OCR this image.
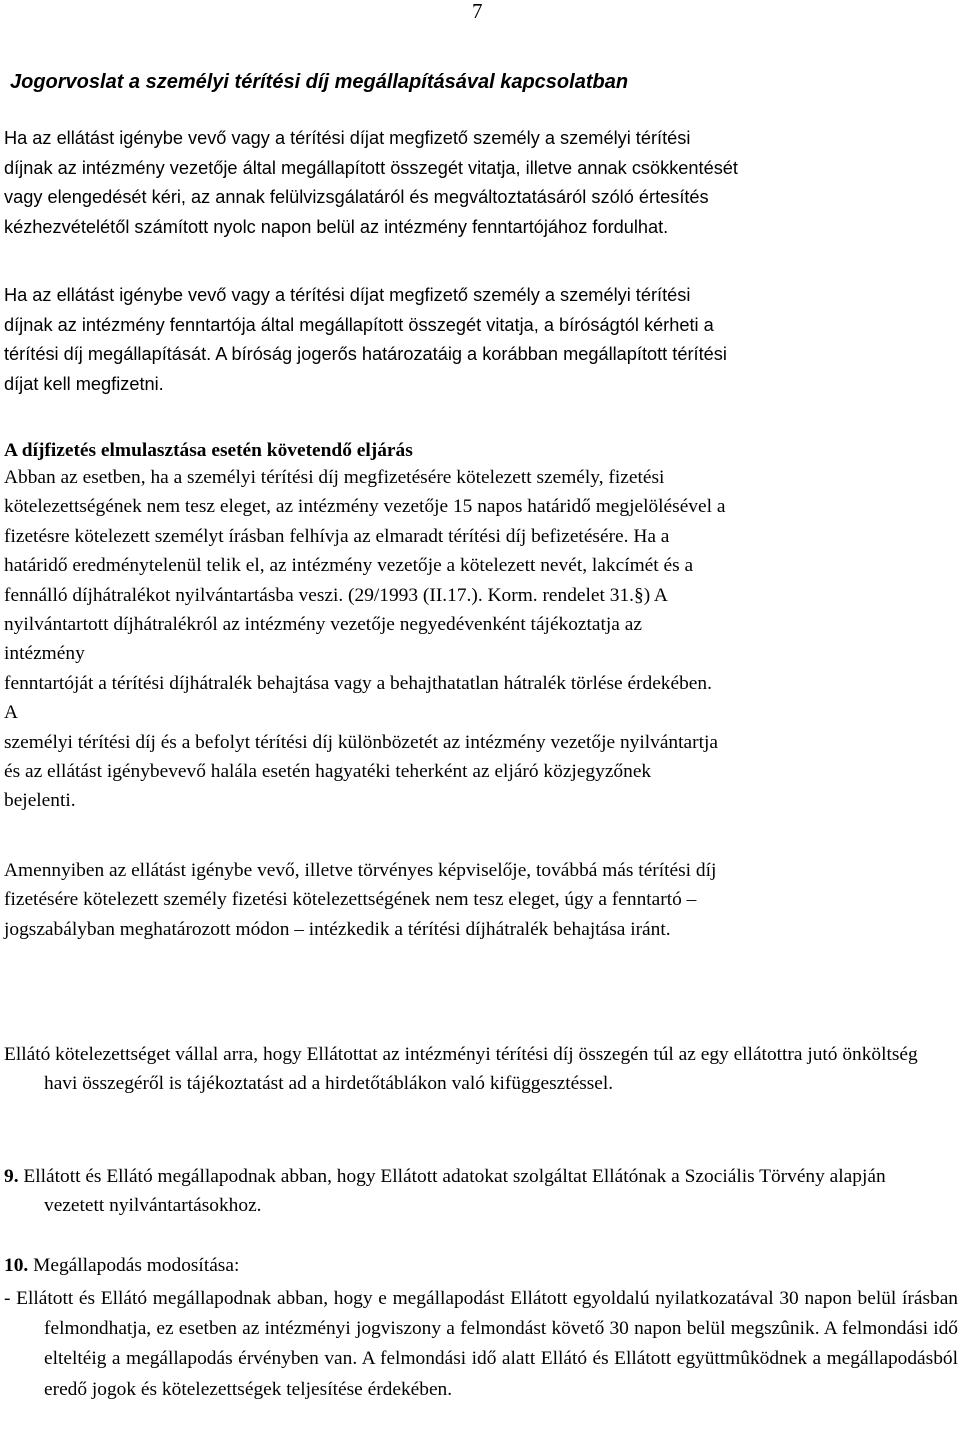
7
Jogorvoslat a személyi térítési díj megállapításával kapcsolatban
Ha az ellátást igénybe vevő vagy a térítési díjat megfizető személy a személyi térítési
díjnak az intézmény vezetője által megállapított összegét vitatja, illetve annak csökkentését
vagy elengedését kéri, az annak felülvizsgálatáról és megváltoztatásáról szóló értesítés
kézhezvételétől számított nyolc napon belül az intézmény fenntartójához fordulhat.
Ha az ellátást igénybe vevő vagy a térítési díjat megfizető személy a személyi térítési
díjnak az intézmény fenntartója által megállapított összegét vitatja, a bíróságtól kérheti a
térítési díj megállapítását. A bíróság jogerős határozatáig a korábban megállapított térítési
díjat kell megfizetni.
A díjfizetés elmulasztása esetén követendő eljárás
Abban az esetben, ha a személyi térítési díj megfizetésére kötelezett személy, fizetési
kötelezettségének nem tesz eleget, az intézmény vezetője 15 napos határidő megjelölésével a
fizetésre kötelezett személyt írásban felhívja az elmaradt térítési díj befizetésére. Ha a
határidő eredménytelenül telik el, az intézmény vezetője a kötelezett nevét, lakcímét és a
fennálló díjhátralékot nyilvántartásba veszi. (29/1993 (II.17.). Korm. rendelet 31.§) A
nyilvántartott díjhátralékról az intézmény vezetője negyedévenként tájékoztatja az
intézmény
fenntartóját a térítési díjhátralék behajtása vagy a behajthatatlan hátralék törlése érdekében.
A
személyi térítési díj és a befolyt térítési díj különbözetét az intézmény vezetője nyilvántartja
és az ellátást igénybevevő halála esetén hagyatéki teherként az eljáró közjegyzőnek
bejelenti.
Amennyiben az ellátást igénybe vevő, illetve törvényes képviselője, továbbá más térítési díj
fizetésére kötelezett személy fizetési kötelezettségének nem tesz eleget, úgy a fenntartó –
jogszabályban meghatározott módon – intézkedik a térítési díjhátralék behajtása iránt.
Ellátó kötelezettséget vállal arra, hogy Ellátottat az intézményi térítési díj összegén túl az egy ellátottra jutó önköltség havi összegéről is tájékoztatást ad a hirdetőtáblákon való kifüggesztéssel.
9. Ellátott és Ellátó megállapodnak abban, hogy Ellátott adatokat szolgáltat Ellátónak a Szociális Törvény alapján vezetett nyilvántartásokhoz.
10. Megállapodás modosítása:
- Ellátott és Ellátó megállapodnak abban, hogy e megállapodást Ellátott egyoldalú nyilatkozatával 30 napon belül írásban felmondhatja, ez esetben az intézményi jogviszony a felmondást követő 30 napon belül megszûnik. A felmondási idő elteltéig a megállapodás érvényben van. A felmondási idő alatt Ellátó és Ellátott együttmûködnek a megállapodásból eredő jogok és kötelezettségek teljesítése érdekében.
